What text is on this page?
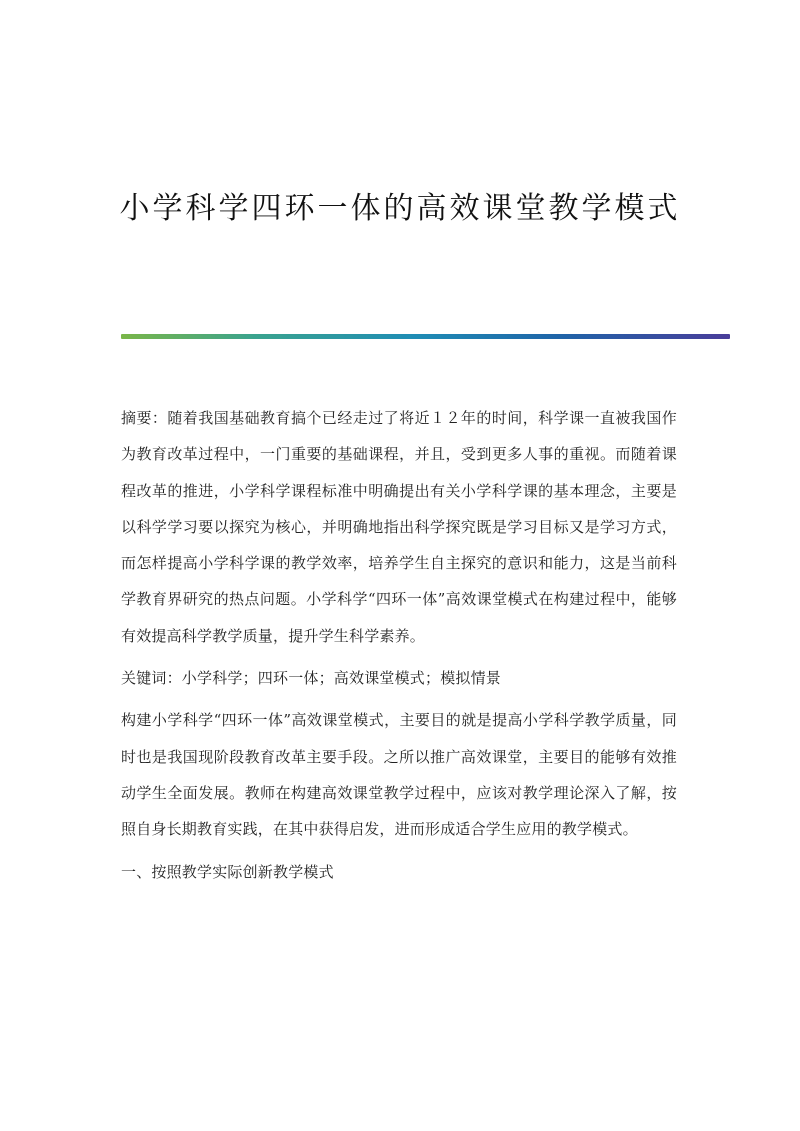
小学科学四环一体的高效课堂教学模式

摘要：随着我国基础教育搞个已经走过了将近１２年的时间，科学课一直被我国作为教育改革过程中，一门重要的基础课程，并且，受到更多人事的重视。而随着课程改革的推进，小学科学课程标准中明确提出有关小学科学课的基本理念，主要是以科学学习要以探究为核心，并明确地指出科学探究既是学习目标又是学习方式，而怎样提高小学科学课的教学效率，培养学生自主探究的意识和能力，这是当前科学教育界研究的热点问题。小学科学“四环一体”高效课堂模式在构建过程中，能够有效提高科学教学质量，提升学生科学素养。

关键词：小学科学；四环一体；高效课堂模式；模拟情景

构建小学科学“四环一体”高效课堂模式，主要目的就是提高小学科学教学质量，同时也是我国现阶段教育改革主要手段。之所以推广高效课堂，主要目的能够有效推动学生全面发展。教师在构建高效课堂教学过程中，应该对教学理论深入了解，按照自身长期教育实践，在其中获得启发，进而形成适合学生应用的教学模式。

一、按照教学实际创新教学模式
